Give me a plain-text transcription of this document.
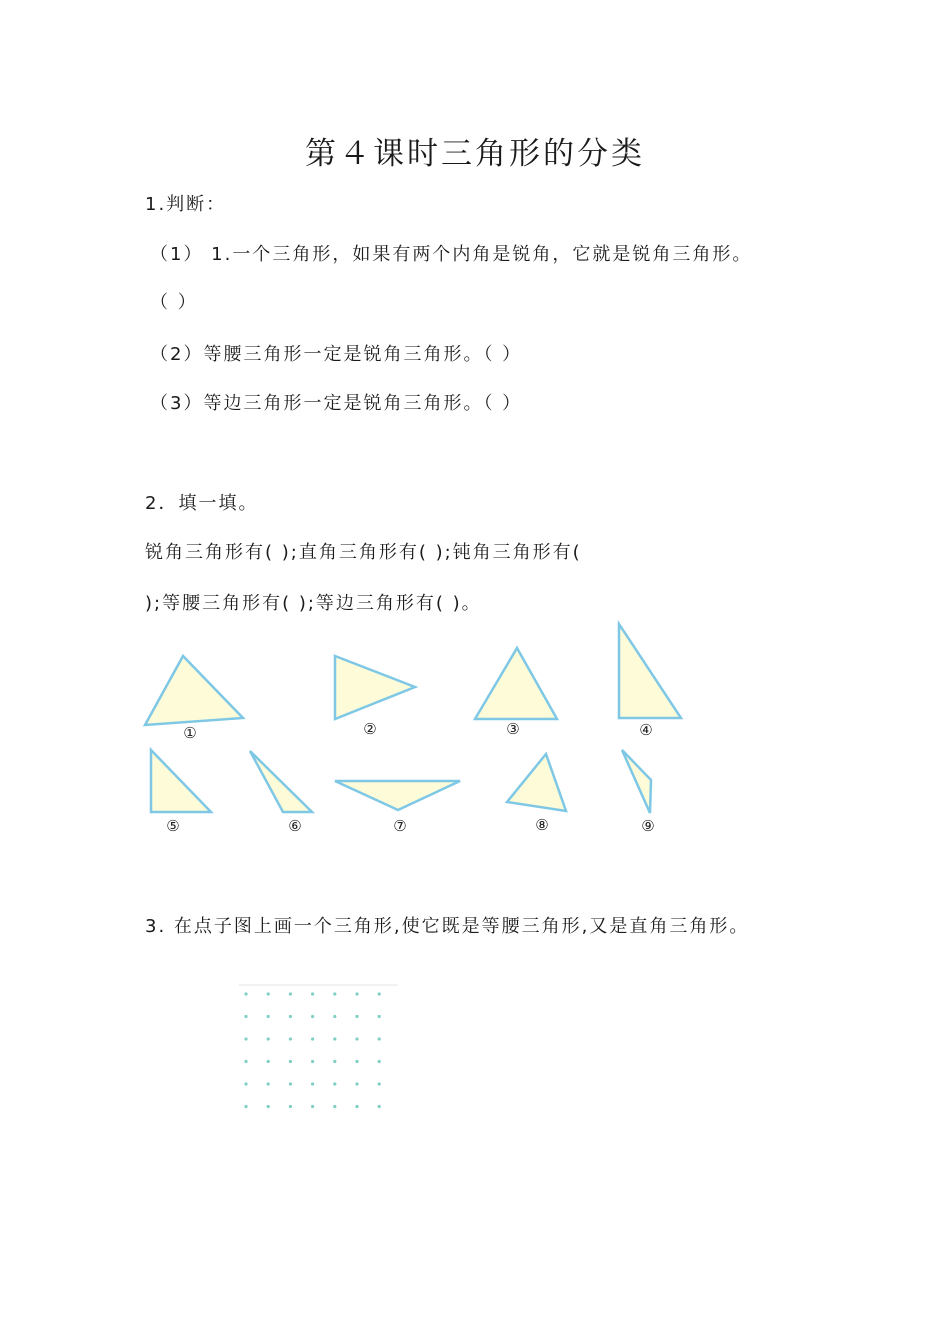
第４课时三角形的分类
1.判断：
（1） 1.一个三角形，如果有两个内角是锐角，它就是锐角三角形。
（ ）
（2）等腰三角形一定是锐角三角形。（ ）
（3）等边三角形一定是锐角三角形。（ ）
2．填一填。
锐角三角形有( );直角三角形有( );钝角三角形有(
);等腰三角形有( );等边三角形有( )。
①	②	③	④
⑤	⑥	⑦	⑧	⑨
3. 在点子图上画一个三角形,使它既是等腰三角形,又是直角三角形。
